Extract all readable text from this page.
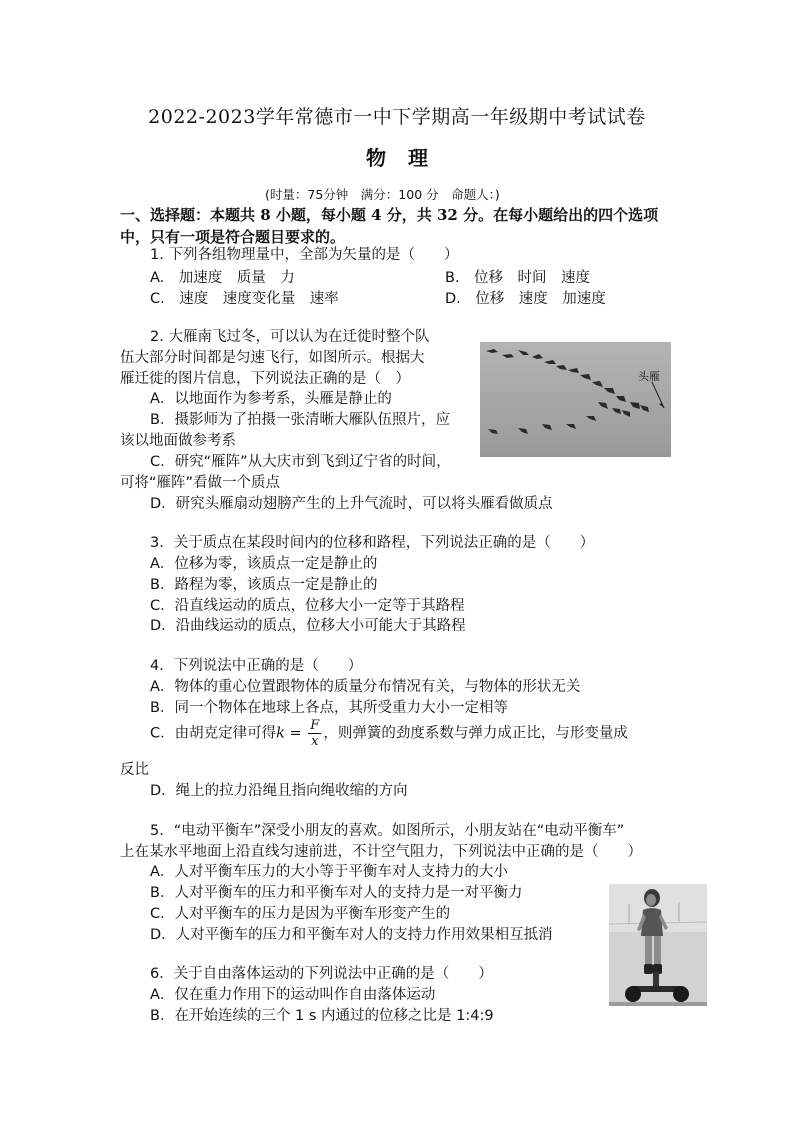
2022-2023学年常德市一中下学期高一年级期中考试试卷
物理
(时量：75分钟　满分：100 分　命题人：)
一、选择题：本题共 8 小题，每小题 4 分，共 32 分。在每小题给出的四个选项中，只有一项是符合题目要求的。
1. 下列各组物理量中，全部为矢量的是（　　）
A.　加速度　质量　力	B.　位移　时间　速度
C.　速度　速度变化量　速率	D.　位移　速度　加速度
2. 大雁南飞过冬，可以认为在迁徙时整个队
伍大部分时间都是匀速飞行，如图所示。根据大
雁迁徙的图片信息，下列说法正确的是（　）
A．以地面作为参考系，头雁是静止的
B．摄影师为了拍摄一张清晰大雁队伍照片，应
该以地面做参考系
C．研究“雁阵”从大庆市到飞到辽宁省的时间，
可将“雁阵”看做一个质点
D．研究头雁扇动翅膀产生的上升气流时，可以将头雁看做质点
头雁
3．关于质点在某段时间内的位移和路程，下列说法正确的是（　　）
A．位移为零，该质点一定是静止的
B．路程为零，该质点一定是静止的
C．沿直线运动的质点，位移大小一定等于其路程
D．沿曲线运动的质点，位移大小可能大于其路程
4．下列说法中正确的是（　　）
A．物体的重心位置跟物体的质量分布情况有关，与物体的形状无关
B．同一个物体在地球上各点，其所受重力大小一定相等
C．由胡克定律可得$k = \frac{F}{x}$ ，则弹簧的劲度系数与弹力成正比，与形变量成
反比
D．绳上的拉力沿绳且指向绳收缩的方向
5．“电动平衡车”深受小朋友的喜欢。如图所示，小朋友站在“电动平衡车”
上在某水平地面上沿直线匀速前进，不计空气阻力，下列说法中正确的是（　　）
A．人对平衡车压力的大小等于平衡车对人支持力的大小
B．人对平衡车的压力和平衡车对人的支持力是一对平衡力
C．人对平衡车的压力是因为平衡车形变产生的
D．人对平衡车的压力和平衡车对人的支持力作用效果相互抵消
6．关于自由落体运动的下列说法中正确的是（　　）
A．仅在重力作用下的运动叫作自由落体运动
B．在开始连续的三个 1 s 内通过的位移之比是 1:4:9
